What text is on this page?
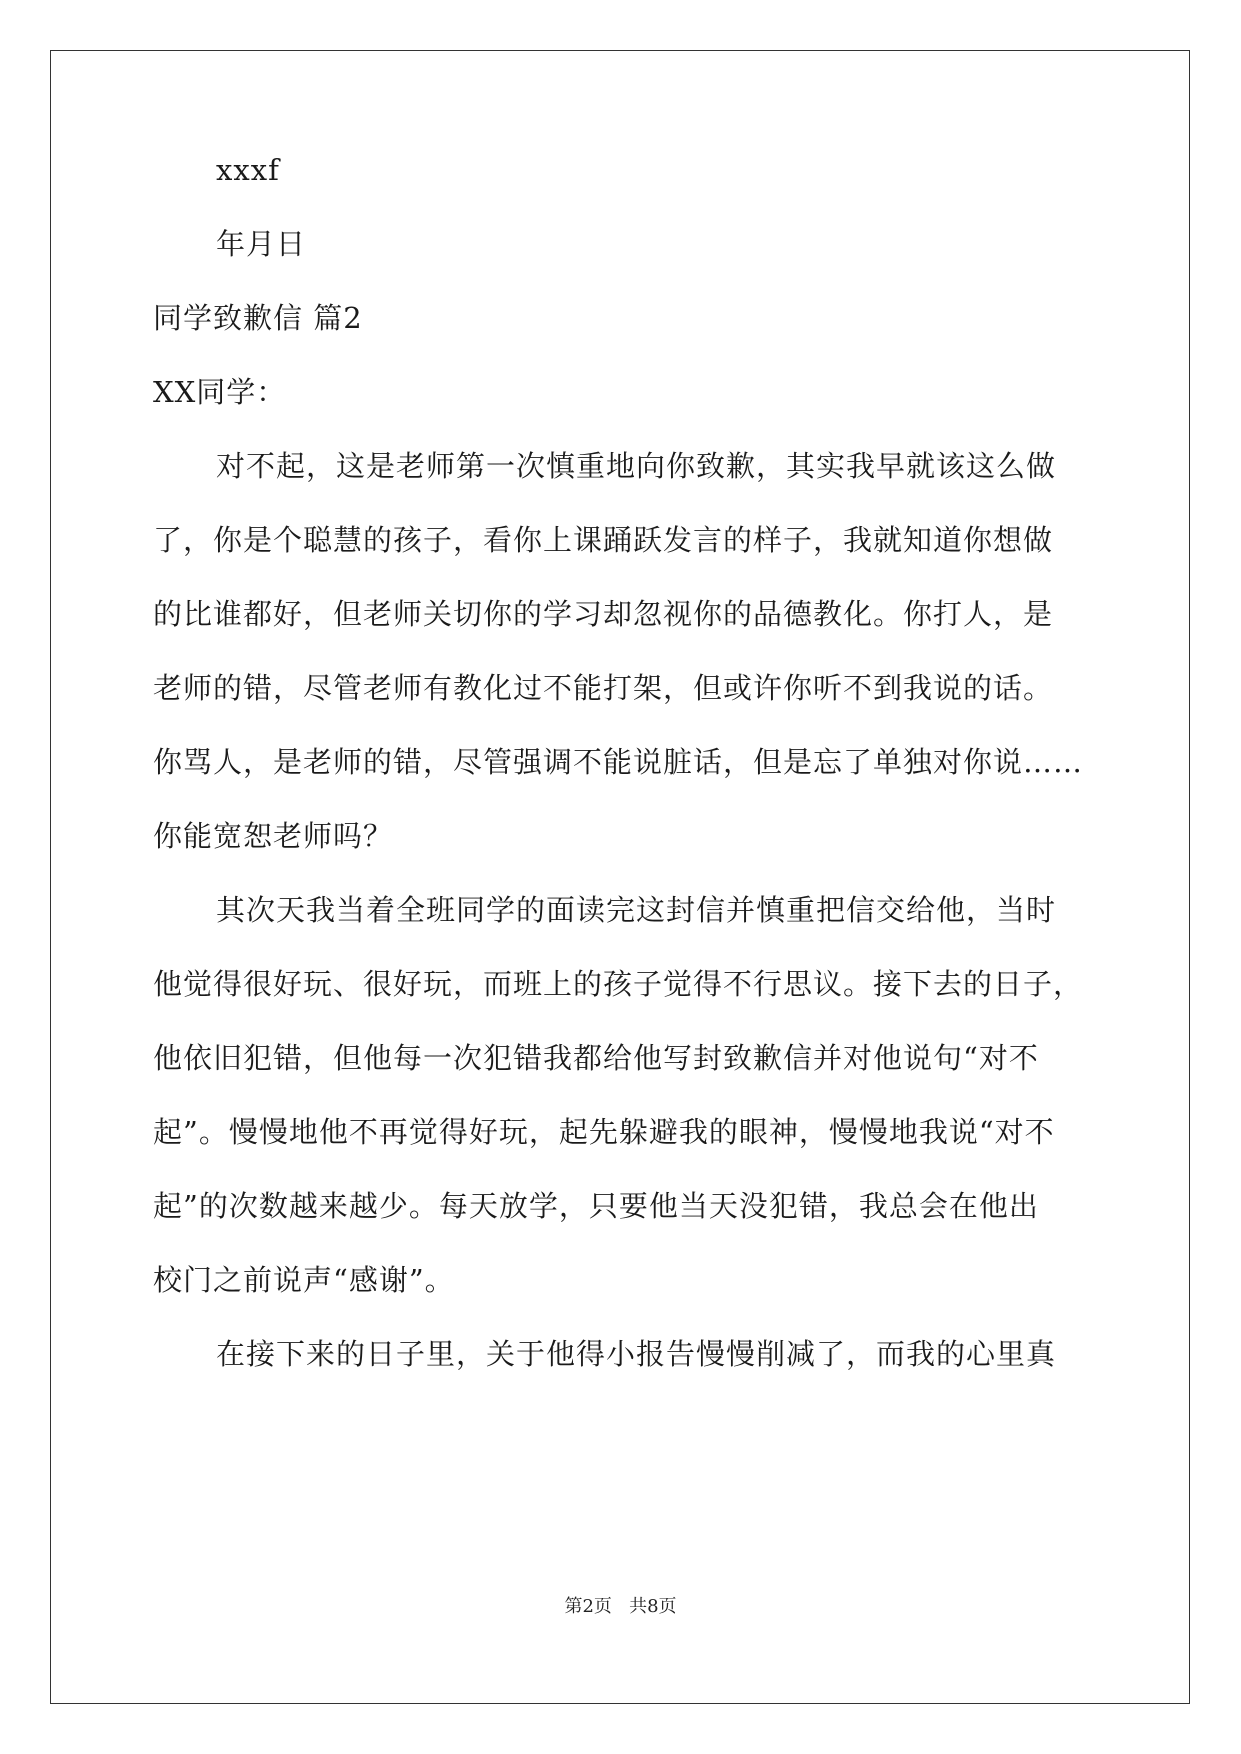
xxxf
年月日
同学致歉信 篇2
XX同学：
对不起，这是老师第一次慎重地向你致歉，其实我早就该这么做
了，你是个聪慧的孩子，看你上课踊跃发言的样子，我就知道你想做
的比谁都好，但老师关切你的学习却忽视你的品德教化。你打人，是
老师的错，尽管老师有教化过不能打架，但或许你听不到我说的话。
你骂人，是老师的错，尽管强调不能说脏话，但是忘了单独对你说……
你能宽恕老师吗？
其次天我当着全班同学的面读完这封信并慎重把信交给他，当时
他觉得很好玩、很好玩，而班上的孩子觉得不行思议。接下去的日子，
他依旧犯错，但他每一次犯错我都给他写封致歉信并对他说句“对不
起”。慢慢地他不再觉得好玩，起先躲避我的眼神，慢慢地我说“对不
起”的次数越来越少。每天放学，只要他当天没犯错，我总会在他出
校门之前说声“感谢”。
在接下来的日子里，关于他得小报告慢慢削减了，而我的心里真
第2页   共8页
